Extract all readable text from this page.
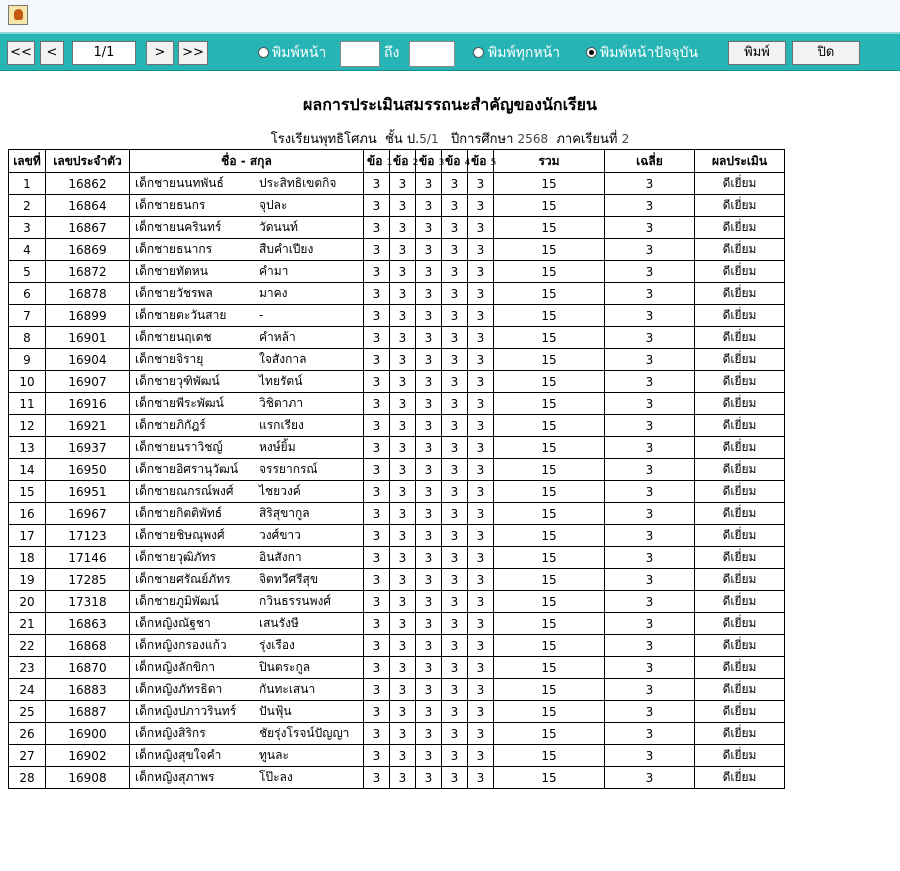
<<	<	1/1	>	>>	พิมพ์หน้า	ถึง	พิมพ์ทุกหน้า	พิมพ์หน้าปัจจุบัน	พิมพ์	ปิด
ผลการประเมินสมรรถนะสำคัญของนักเรียน
โรงเรียนพุทธิโศภน ชั้น ป.5/1 ปีการศึกษา 2568 ภาคเรียนที่ 2
เลขที่	เลขประจำตัว	ชื่อ - สกุล	ข้อ 1	ข้อ 2	ข้อ 3	ข้อ 4	ข้อ 5	รวม	เฉลี่ย	ผลประเมิน
1	16862	เด็กชายนนทพันธ์ ประสิทธิเขตกิจ	3	3	3	3	3	15	3	ดีเยี่ยม
2	16864	เด็กชายธนกร จุปละ	3	3	3	3	3	15	3	ดีเยี่ยม
3	16867	เด็กชายนครินทร์ วัดนนท์	3	3	3	3	3	15	3	ดีเยี่ยม
4	16869	เด็กชายธนากร สืบคำเปียง	3	3	3	3	3	15	3	ดีเยี่ยม
5	16872	เด็กชายทัตหน คำมา	3	3	3	3	3	15	3	ดีเยี่ยม
6	16878	เด็กชายวัชรพล มาคง	3	3	3	3	3	15	3	ดีเยี่ยม
7	16899	เด็กชายตะวันสาย -	3	3	3	3	3	15	3	ดีเยี่ยม
8	16901	เด็กชายนฤเดช คำหล้า	3	3	3	3	3	15	3	ดีเยี่ยม
9	16904	เด็กชายจิรายุ ใจสังกาล	3	3	3	3	3	15	3	ดีเยี่ยม
10	16907	เด็กชายวุฑิพัฒน์ ไทยรัตน์	3	3	3	3	3	15	3	ดีเยี่ยม
11	16916	เด็กชายพีระพัฒน์ วิชิตาภา	3	3	3	3	3	15	3	ดีเยี่ยม
12	16921	เด็กชายภิกัฎร์ แรกเรียง	3	3	3	3	3	15	3	ดีเยี่ยม
13	16937	เด็กชายนราวิชญ์ หงษ์ยิ้ม	3	3	3	3	3	15	3	ดีเยี่ยม
14	16950	เด็กชายอิศรานุวัฒน์ จรรยากรณ์	3	3	3	3	3	15	3	ดีเยี่ยม
15	16951	เด็กชายณกรณ์พงศ์ ไชยวงค์	3	3	3	3	3	15	3	ดีเยี่ยม
16	16967	เด็กชายกิตติพัทธ์ สิริสุขากูล	3	3	3	3	3	15	3	ดีเยี่ยม
17	17123	เด็กชายชิษณุพงศ์ วงศ์ขาว	3	3	3	3	3	15	3	ดีเยี่ยม
18	17146	เด็กชายวุฒิภัทร อินสังกา	3	3	3	3	3	15	3	ดีเยี่ยม
19	17285	เด็กชายศรัณย์ภัทร จิตทวีศรีสุข	3	3	3	3	3	15	3	ดีเยี่ยม
20	17318	เด็กชายภูมิพัฒน์ กวินธรรนพงศ์	3	3	3	3	3	15	3	ดีเยี่ยม
21	16863	เด็กหญิงณัฐชา เสนรังษี	3	3	3	3	3	15	3	ดีเยี่ยม
22	16868	เด็กหญิงกรองแก้ว รุ่งเรือง	3	3	3	3	3	15	3	ดีเยี่ยม
23	16870	เด็กหญิงลักขิกา ปินตระกูล	3	3	3	3	3	15	3	ดีเยี่ยม
24	16883	เด็กหญิงภัทรธิดา กันทะเสนา	3	3	3	3	3	15	3	ดีเยี่ยม
25	16887	เด็กหญิงปภาวรินทร์ ปันฟุ้น	3	3	3	3	3	15	3	ดีเยี่ยม
26	16900	เด็กหญิงสิริกร ชัยรุ่งโรจน์ปัญญา	3	3	3	3	3	15	3	ดีเยี่ยม
27	16902	เด็กหญิงสุขใจคำ ทูนละ	3	3	3	3	3	15	3	ดีเยี่ยม
28	16908	เด็กหญิงสุภาพร โป๊ะลง	3	3	3	3	3	15	3	ดีเยี่ยม
